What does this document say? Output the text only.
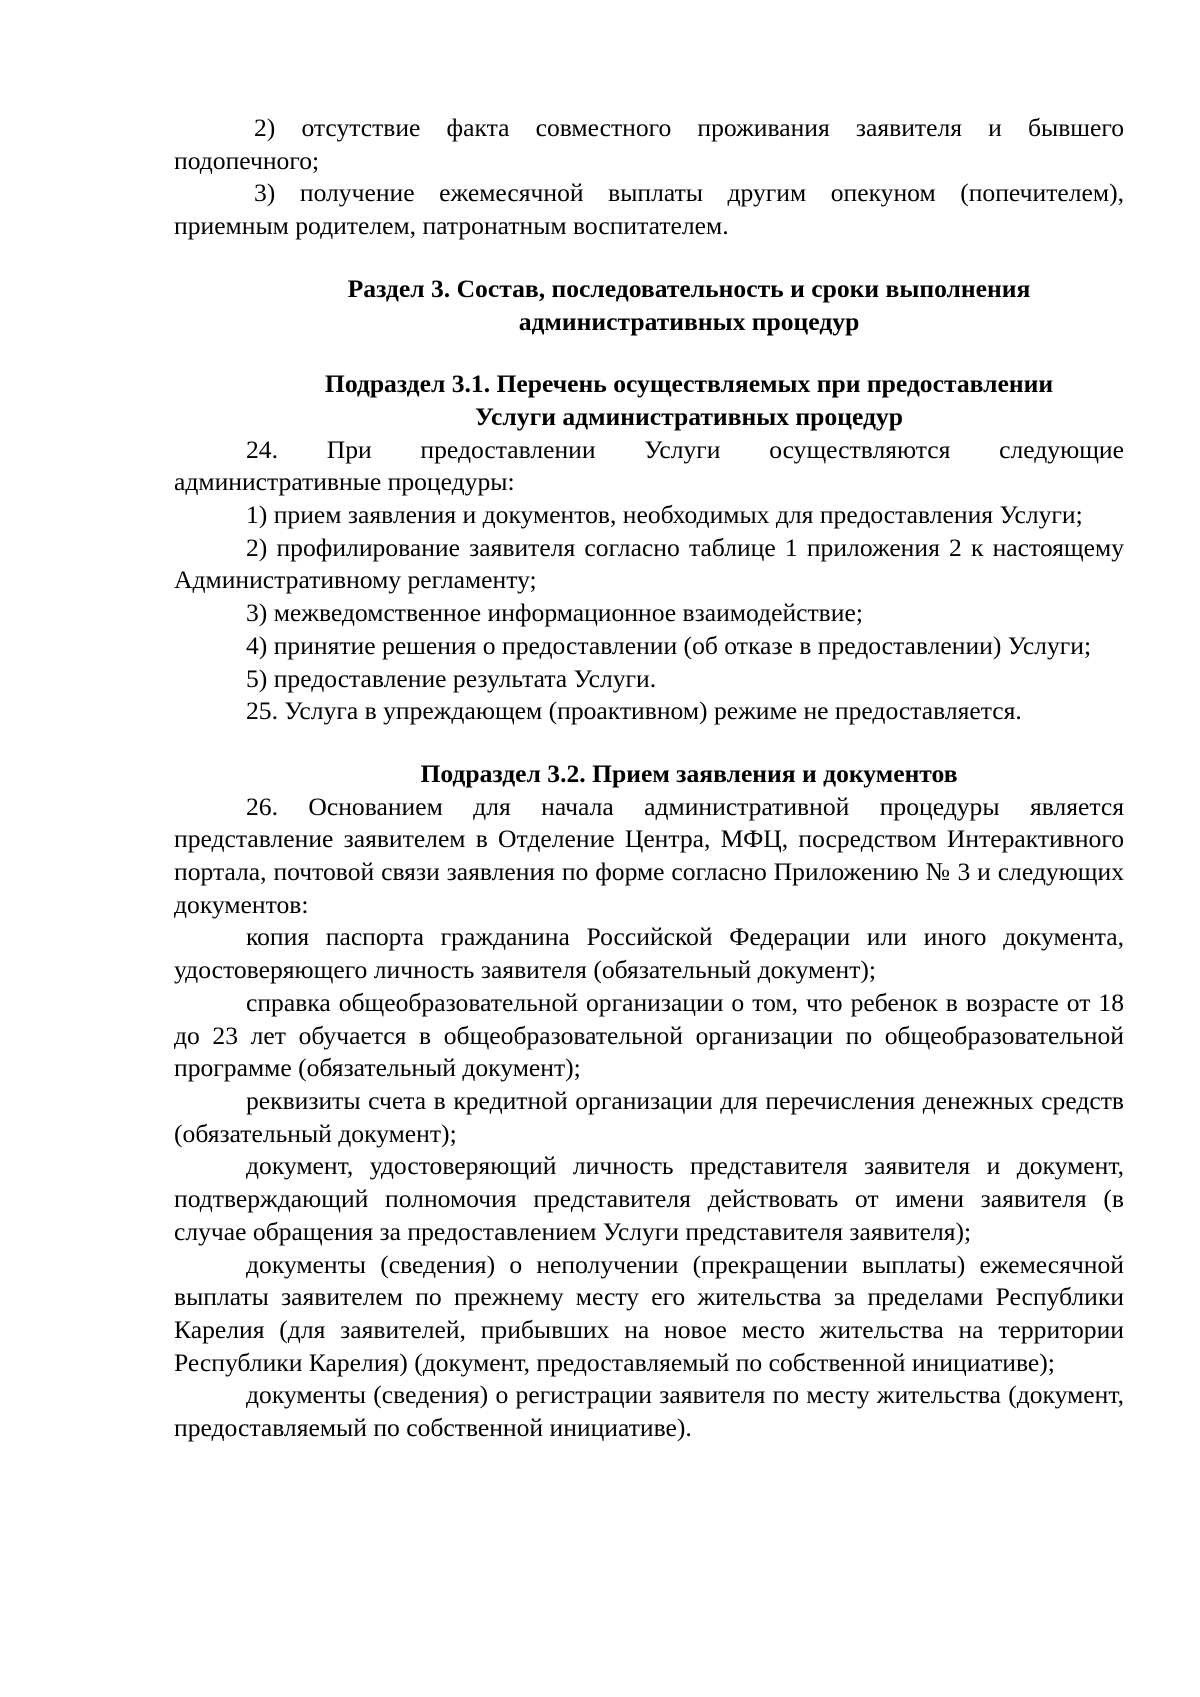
2) отсутствие факта совместного проживания заявителя и бывшего подопечного;

3) получение ежемесячной выплаты другим опекуном (попечителем), приемным родителем, патронатным воспитателем.

Раздел 3. Состав, последовательность и сроки выполнения

административных процедур

Подраздел 3.1. Перечень осуществляемых при предоставлении

Услуги административных процедур

24. При предоставлении Услуги осуществляются следующие административные процедуры:

1) прием заявления и документов, необходимых для предоставления Услуги;

2) профилирование заявителя согласно таблице 1 приложения 2 к настоящему Административному регламенту;

3) межведомственное информационное взаимодействие;

4) принятие решения о предоставлении (об отказе в предоставлении) Услуги;

5) предоставление результата Услуги.

25. Услуга в упреждающем (проактивном) режиме не предоставляется.

Подраздел 3.2. Прием заявления и документов

26. Основанием для начала административной процедуры является представление заявителем в Отделение Центра, МФЦ, посредством Интерактивного портала, почтовой связи заявления по форме согласно Приложению № 3 и следующих документов:

копия паспорта гражданина Российской Федерации или иного документа, удостоверяющего личность заявителя (обязательный документ);

справка общеобразовательной организации о том, что ребенок в возрасте от 18 до 23 лет обучается в общеобразовательной организации по общеобразовательной программе (обязательный документ);

реквизиты счета в кредитной организации для перечисления денежных средств (обязательный документ);

документ, удостоверяющий личность представителя заявителя и документ, подтверждающий полномочия представителя действовать от имени заявителя (в случае обращения за предоставлением Услуги представителя заявителя);

документы (сведения) о неполучении (прекращении выплаты) ежемесячной выплаты заявителем по прежнему месту его жительства за пределами Республики Карелия (для заявителей, прибывших на новое место жительства на территории Республики Карелия) (документ, предоставляемый по собственной инициативе);

документы (сведения) о регистрации заявителя по месту жительства (документ, предоставляемый по собственной инициативе).
